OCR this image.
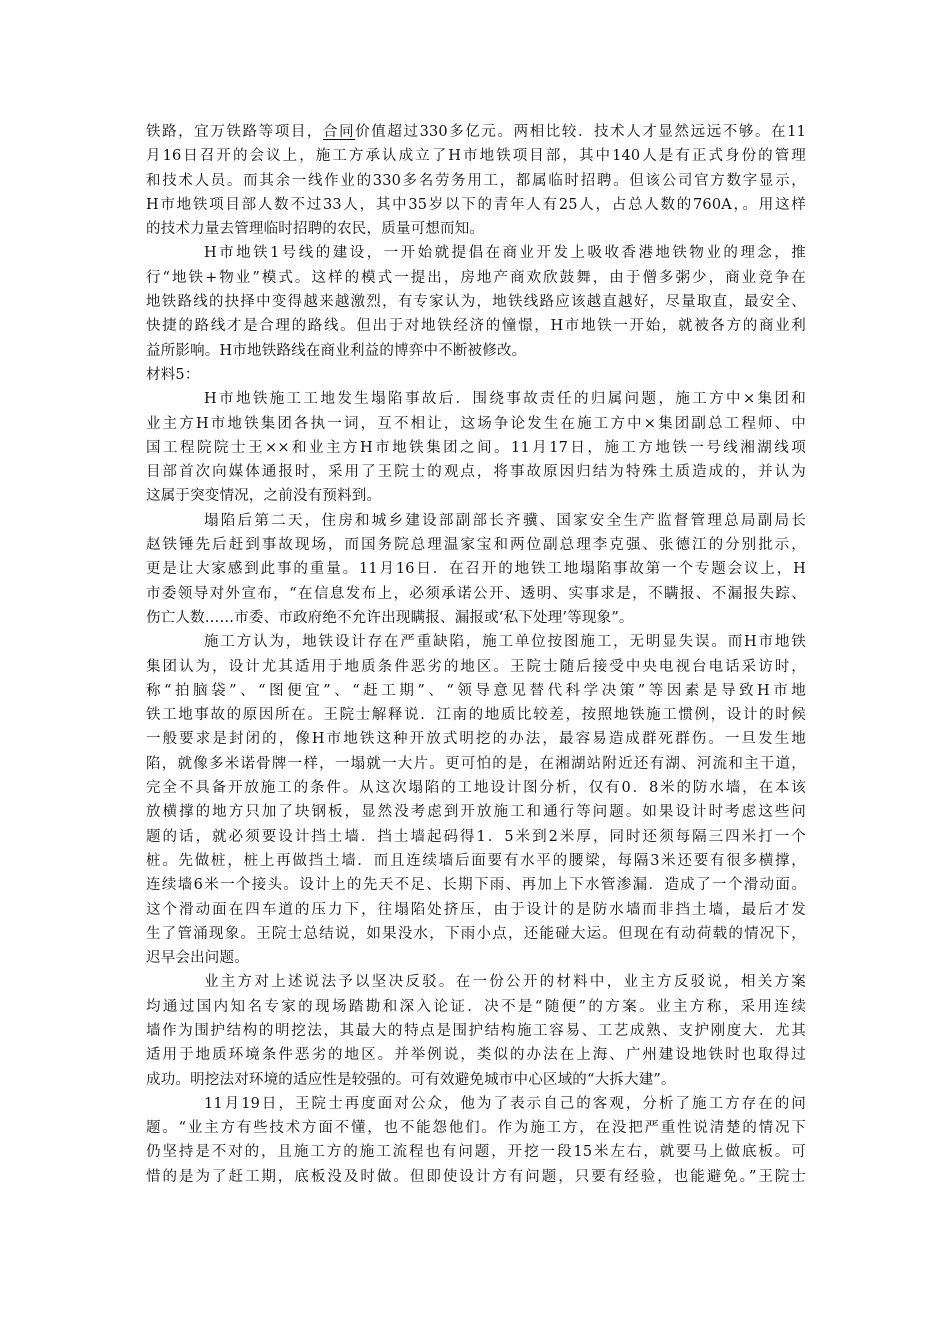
铁路，宜万铁路等项目，合同价值超过330多亿元。两相比较．技术人才显然远远不够。在11
月16日召开的会议上，施工方承认成立了H市地铁项目部，其中140人是有正式身份的管理
和技术人员。而其余一线作业的330多名劳务用工，都属临时招聘。但该公司官方数字显示，
H市地铁项目部人数不过33人，其中35岁以下的青年人有25人，占总人数的760A，。用这样
的技术力量去管理临时招聘的农民，质量可想而知。
H市地铁1号线的建设，一开始就提倡在商业开发上吸收香港地铁物业的理念，推
行“地铁+物业”模式。这样的模式一提出，房地产商欢欣鼓舞，由于僧多粥少，商业竞争在
地铁路线的抉择中变得越来越激烈，有专家认为，地铁线路应该越直越好，尽量取直，最安全、
快捷的路线才是合理的路线。但出于对地铁经济的憧憬，H市地铁一开始，就被各方的商业利
益所影响。H市地铁路线在商业利益的博弈中不断被修改。
材料5：
H市地铁施工工地发生塌陷事故后．围绕事故责任的归属问题，施工方中×集团和
业主方H市地铁集团各执一词，互不相让，这场争论发生在施工方中×集团副总工程师、中
国工程院院士王××和业主方H市地铁集团之间。11月17日，施工方地铁一号线湘湖线项
目部首次向媒体通报时，采用了王院士的观点，将事故原因归结为特殊土质造成的，并认为
这属于突变情况，之前没有预料到。
塌陷后第二天，住房和城乡建设部副部长齐骥、国家安全生产监督管理总局副局长
赵铁锤先后赶到事故现场，而国务院总理温家宝和两位副总理李克强、张德江的分别批示，
更是让大家感到此事的重量。11月16日．在召开的地铁工地塌陷事故第一个专题会议上，H
市委领导对外宣布，“在信息发布上，必须承诺公开、透明、实事求是，不瞒报、不漏报失踪、
伤亡人数……市委、市政府绝不允许出现瞒报、漏报或‘私下处理’等现象”。
施工方认为，地铁设计存在严重缺陷，施工单位按图施工，无明显失误。而H市地铁
集团认为，设计尤其适用于地质条件恶劣的地区。王院士随后接受中央电视台电话采访时，
称“拍脑袋”、“图便宜”、“赶工期”、“领导意见替代科学决策”等因素是导致H市地
铁工地事故的原因所在。王院士解释说．江南的地质比较差，按照地铁施工惯例，设计的时候
一般要求是封闭的，像H市地铁这种开放式明挖的办法，最容易造成群死群伤。一旦发生地
陷，就像多米诺骨牌一样，一塌就一大片。更可怕的是，在湘湖站附近还有湖、河流和主干道，
完全不具备开放施工的条件。从这次塌陷的工地设计图分析，仅有0．8米的防水墙，在本该
放横撑的地方只加了块钢板，显然没考虑到开放施工和通行等问题。如果设计时考虑这些问
题的话，就必须要设计挡土墙．挡土墙起码得1．5米到2米厚，同时还须每隔三四米打一个
桩。先做桩，桩上再做挡土墙．而且连续墙后面要有水平的腰梁，每隔3米还要有很多横撑，
连续墙6米一个接头。设计上的先天不足、长期下雨、再加上下水管渗漏．造成了一个滑动面。
这个滑动面在四车道的压力下，往塌陷处挤压，由于设计的是防水墙而非挡土墙，最后才发
生了管涌现象。王院士总结说，如果没水，下雨小点，还能碰大运。但现在有动荷载的情况下，
迟早会出问题。
业主方对上述说法予以坚决反驳。在一份公开的材料中，业主方反驳说，相关方案
均通过国内知名专家的现场踏勘和深入论证．决不是“随便”的方案。业主方称，采用连续
墙作为围护结构的明挖法，其最大的特点是围护结构施工容易、工艺成熟、支护刚度大．尤其
适用于地质环境条件恶劣的地区。并举例说，类似的办法在上海、广州建设地铁时也取得过
成功。明挖法对环境的适应性是较强的。可有效避免城市中心区域的“大拆大建”。
11月19日，王院士再度面对公众，他为了表示自己的客观，分析了施工方存在的问
题。“业主方有些技术方面不懂，也不能怨他们。作为施工方，在没把严重性说清楚的情况下
仍坚持是不对的，且施工方的施工流程也有问题，开挖一段15米左右，就要马上做底板。可
惜的是为了赶工期，底板没及时做。但即使设计方有问题，只要有经验，也能避免。”王院士
